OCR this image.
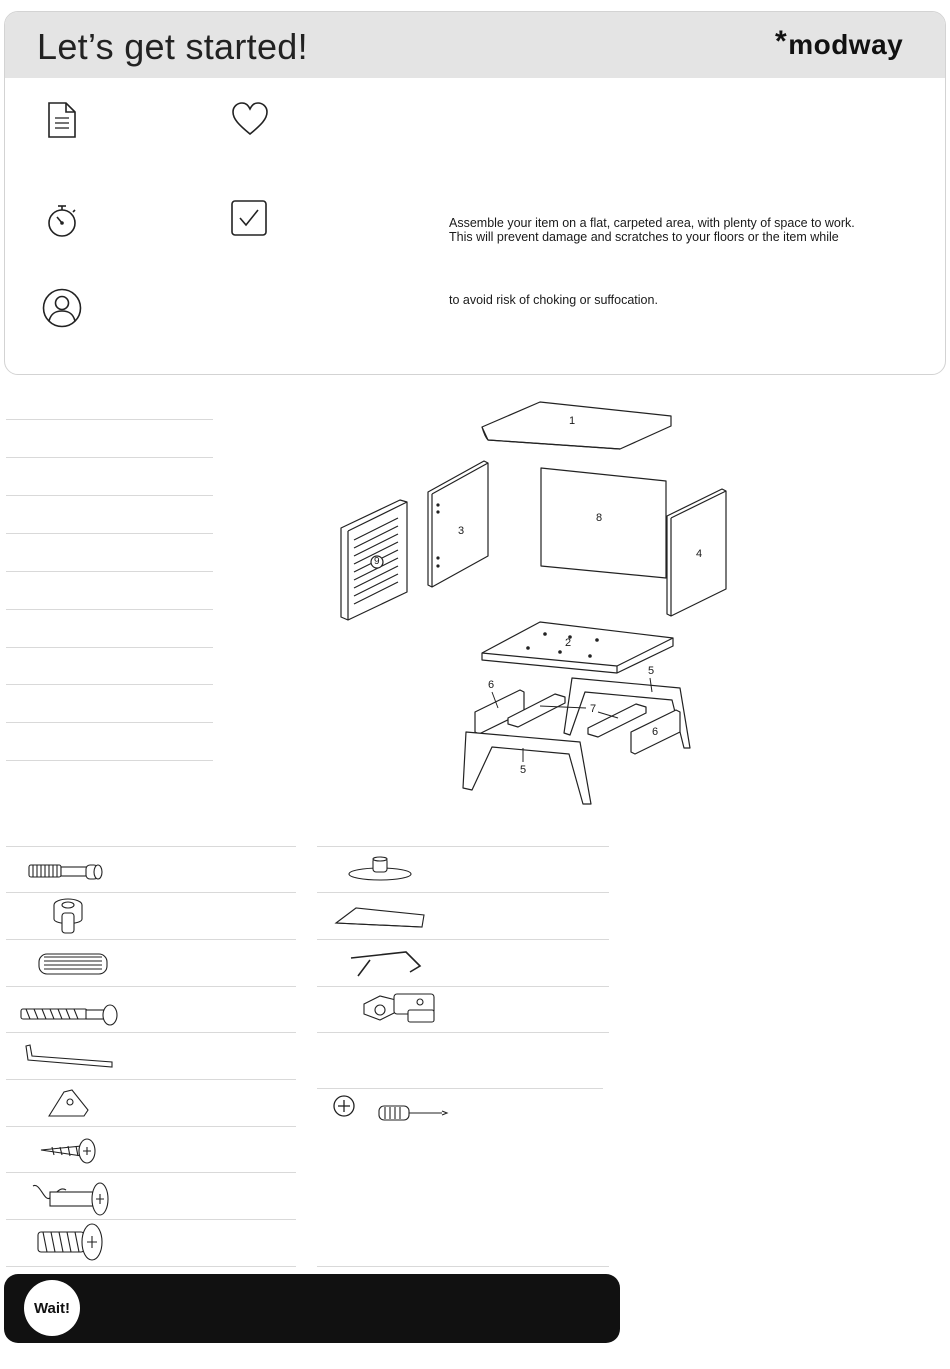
Let’s get started!	*modway
Assemble your item on a flat, carpeted area, with plenty of space to work.
This will prevent damage and scratches to your floors or the item while
to avoid risk of choking or suffocation.
1
2
3
4
5
5
6
6
7
8
9
Wait!
